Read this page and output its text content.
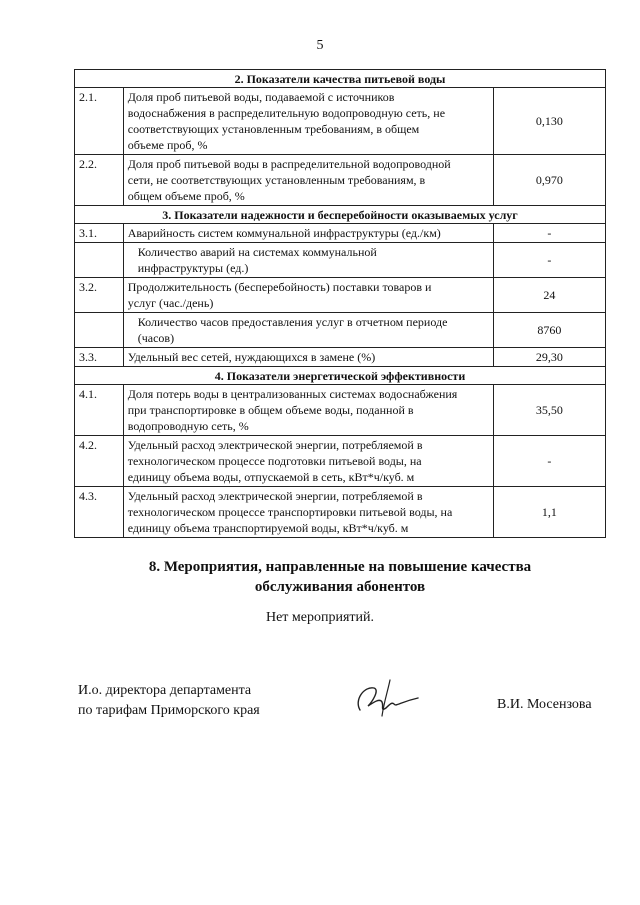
5
2. Показатели качества питьевой воды		
2.1.	Доля проб питьевой воды, подаваемой с источников
водоснабжения в распределительную водопроводную сеть, не
соответствующих установленным требованиям, в общем
объеме проб, %	0,130
2.2.	Доля проб питьевой воды в распределительной водопроводной
сети, не соответствующих установленным требованиям, в
общем объеме проб, %	0,970
3. Показатели надежности и бесперебойности оказываемых услуг		
3.1.	Аварийность систем коммунальной инфраструктуры (ед./км)	-

	Количество аварий на системах коммунальной
инфраструктуры (ед.)	-
3.2.	Продолжительность (бесперебойность) поставки товаров и
услуг (час./день)	24

	Количество часов предоставления услуг в отчетном периоде
(часов)	8760
3.3.	Удельный вес сетей, нуждающихся в замене (%)	29,30
4. Показатели энергетической эффективности		
4.1.	Доля потерь воды в централизованных системах водоснабжения
при транспортировке в общем объеме воды, поданной в
водопроводную сеть, %	35,50
4.2.	Удельный расход электрической энергии, потребляемой в
технологическом процессе подготовки питьевой воды, на
единицу объема воды, отпускаемой в сеть, кВт*ч/куб. м	-
4.3.	Удельный расход электрической энергии, потребляемой в
технологическом процессе транспортировки питьевой воды, на
единицу объема транспортируемой воды, кВт*ч/куб. м	1,1
8. Мероприятия, направленные на повышение качества
обслуживания абонентов
Нет мероприятий.
И.о. директора департамента
по тарифам Приморского края	В.И. Мосензова
